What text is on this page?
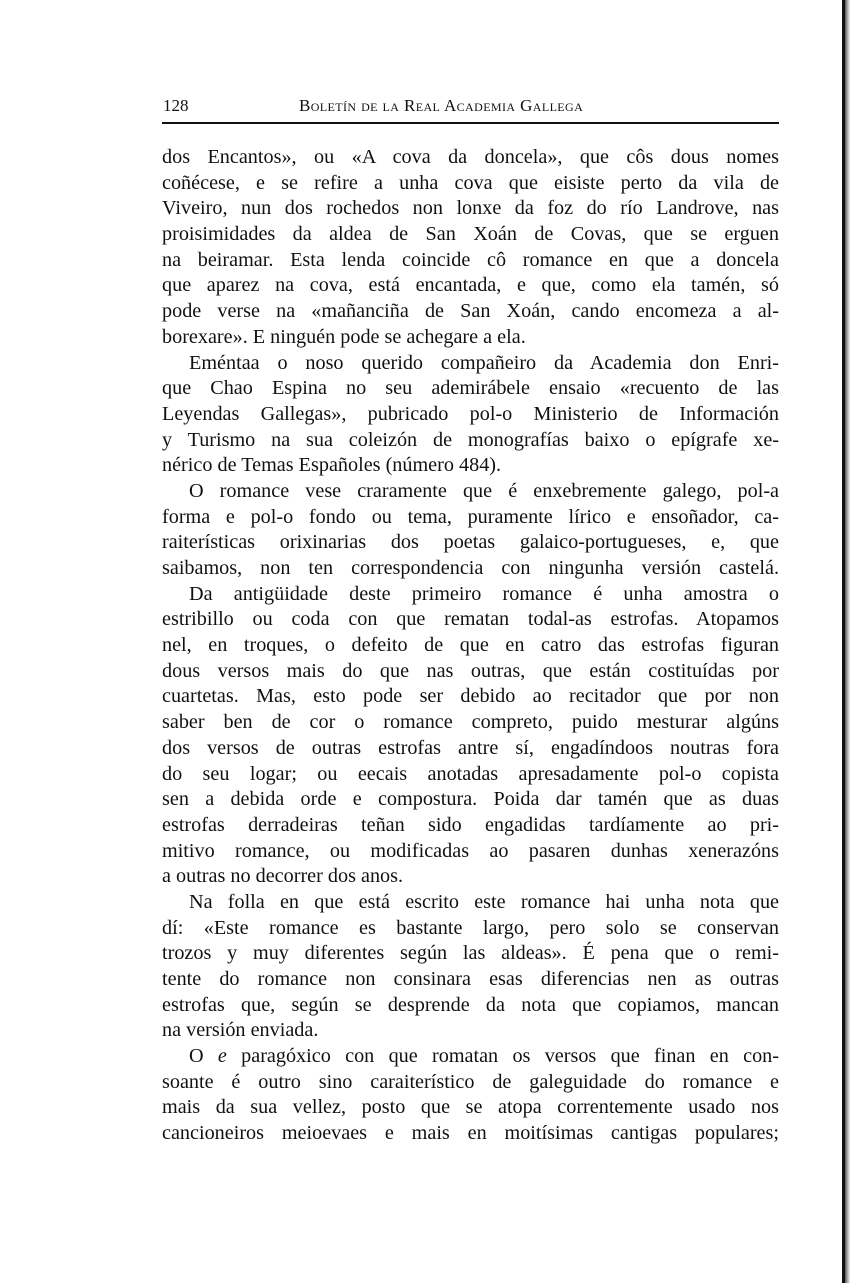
128	Boletín de la Real Academia Gallega
dos Encantos», ou «A cova da doncela», que côs dous nomes
coñécese, e se refire a unha cova que eisiste perto da vila de
Viveiro, nun dos rochedos non lonxe da foz do río Landrove, nas
proisimidades da aldea de San Xoán de Covas, que se erguen
na beiramar. Esta lenda coincide cô romance en que a doncela
que aparez na cova, está encantada, e que, como ela tamén, só
pode verse na «mañanciña de San Xoán, cando encomeza a al-
borexare». E ninguén pode se achegare a ela.
Eméntaa o noso querido compañeiro da Academia don Enri-
que Chao Espina no seu ademirábele ensaio «recuento de las
Leyendas Gallegas», pubricado pol-o Ministerio de Información
y Turismo na sua coleizón de monografías baixo o epígrafe xe-
nérico de Temas Españoles (número 484).
O romance vese craramente que é enxebremente galego, pol-a
forma e pol-o fondo ou tema, puramente lírico e ensoñador, ca-
raiterísticas orixinarias dos poetas galaico-portugueses, e, que
saibamos, non ten correspondencia con ningunha versión castelá.
Da antigüidade deste primeiro romance é unha amostra o
estribillo ou coda con que rematan todal-as estrofas. Atopamos
nel, en troques, o defeito de que en catro das estrofas figuran
dous versos mais do que nas outras, que están costituídas por
cuartetas. Mas, esto pode ser debido ao recitador que por non
saber ben de cor o romance compreto, puido mesturar algúns
dos versos de outras estrofas antre sí, engadíndoos noutras fora
do seu logar; ou eecais anotadas apresadamente pol-o copista
sen a debida orde e compostura. Poida dar tamén que as duas
estrofas derradeiras teñan sido engadidas tardíamente ao pri-
mitivo romance, ou modificadas ao pasaren dunhas xenerazóns
a outras no decorrer dos anos.
Na folla en que está escrito este romance hai unha nota que
dí: «Este romance es bastante largo, pero solo se conservan
trozos y muy diferentes según las aldeas». É pena que o remi-
tente do romance non consinara esas diferencias nen as outras
estrofas que, según se desprende da nota que copiamos, mancan
na versión enviada.
O e paragóxico con que romatan os versos que finan en con-
soante é outro sino caraiterístico de galeguidade do romance e
mais da sua vellez, posto que se atopa correntemente usado nos
cancioneiros meioevaes e mais en moitísimas cantigas populares;
